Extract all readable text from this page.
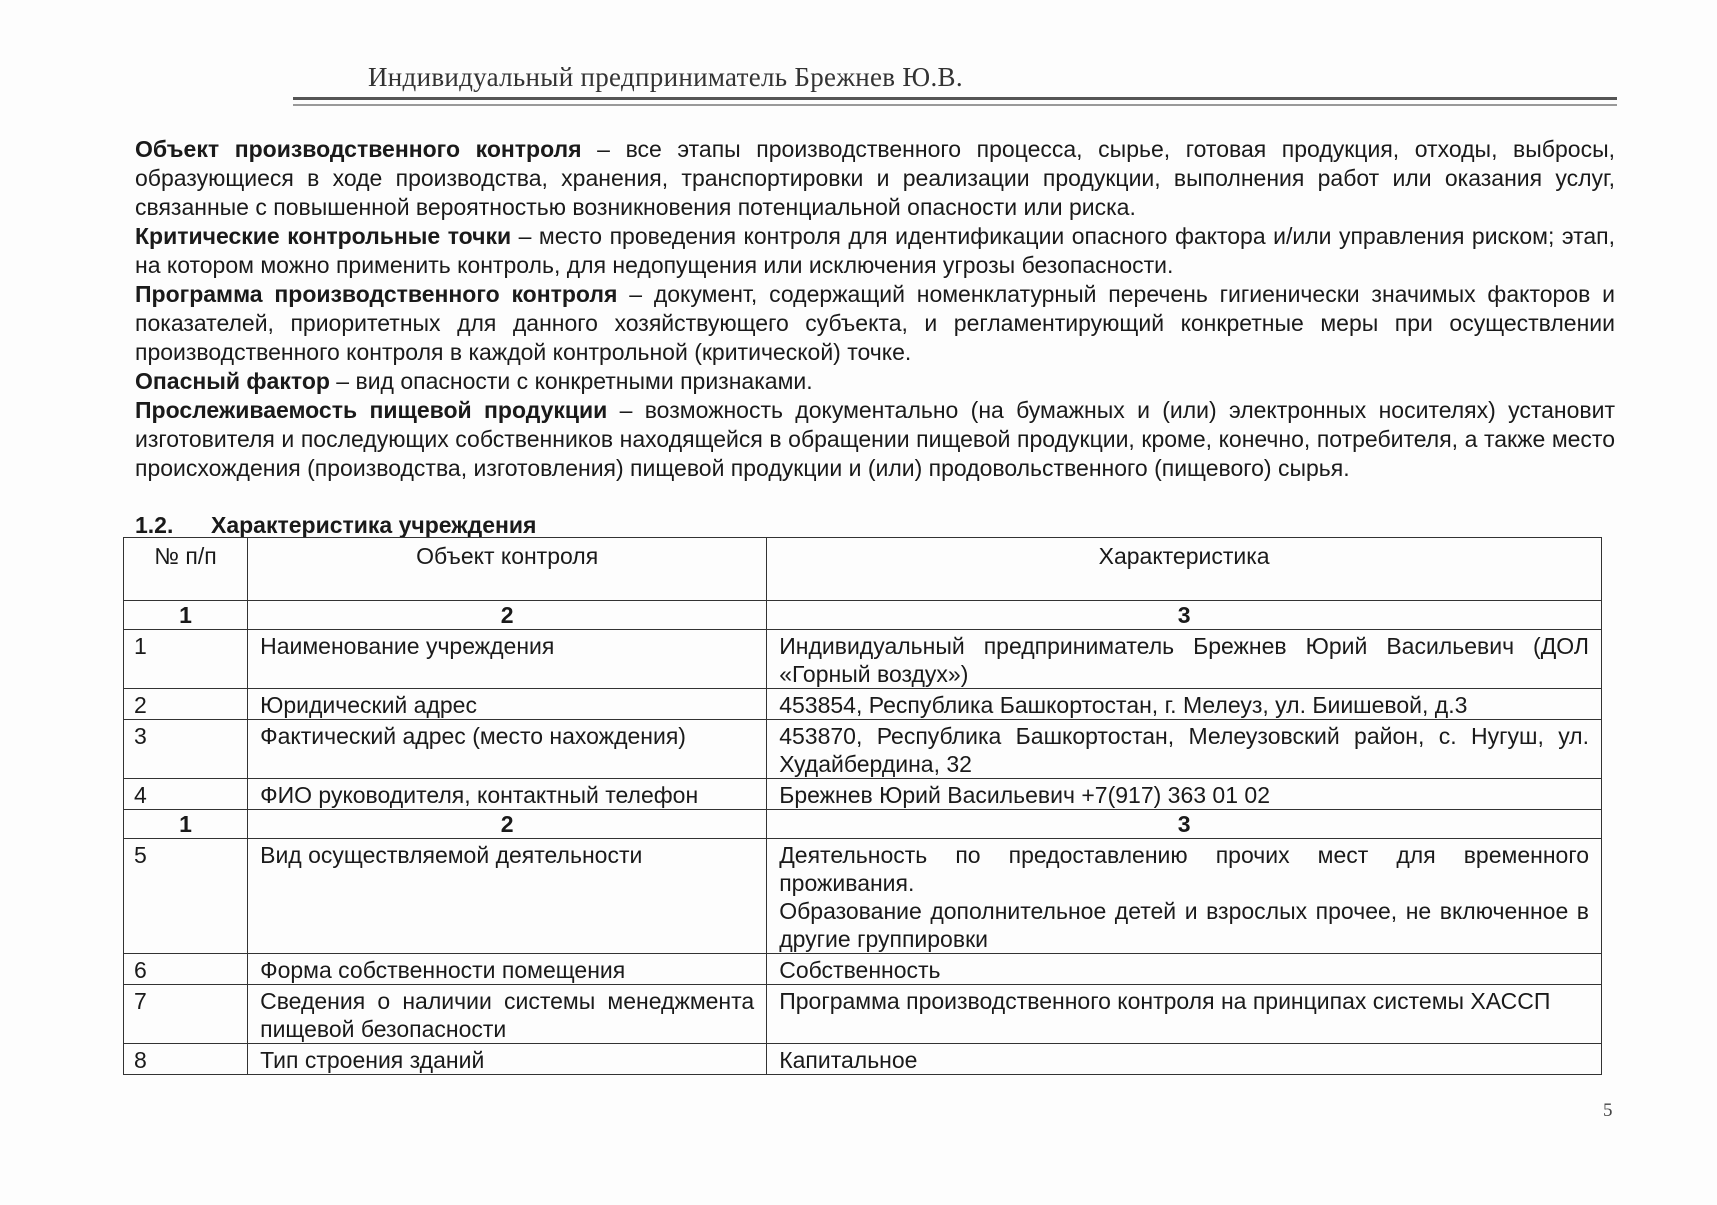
Индивидуальный предприниматель Брежнев Ю.В.

Объект производственного контроля – все этапы производственного процесса, сырье, готовая продукция, отходы, выбросы, образующиеся в ходе производства, хранения, транспортировки и реализации продукции, выполнения работ или оказания услуг, связанные с повышенной вероятностью возникновения потенциальной опасности или риска.

Критические контрольные точки – место проведения контроля для идентификации опасного фактора и/или управления риском; этап, на котором можно применить контроль, для недопущения или исключения угрозы безопасности.

Программа производственного контроля – документ, содержащий номенклатурный перечень гигиенически значимых факторов и показателей, приоритетных для данного хозяйствующего субъекта, и регламентирующий конкретные меры при осуществлении производственного контроля в каждой контрольной (критической) точке.

Опасный фактор – вид опасности с конкретными признаками.

Прослеживаемость пищевой продукции – возможность документально (на бумажных и (или) электронных носителях) установит изготовителя и последующих собственников находящейся в обращении пищевой продукции, кроме, конечно, потребителя, а также место происхождения (производства, изготовления) пищевой продукции и (или) продовольственного (пищевого) сырья.

1.2. Характеристика учреждения
№ п/п	Объект контроля	Характеристика
1	2	3
1	Наименование учреждения	Индивидуальный предприниматель Брежнев Юрий Васильевич (ДОЛ «Горный воздух»)
2	Юридический адрес	453854, Республика Башкортостан, г. Мелеуз, ул. Биишевой, д.3
3	Фактический адрес (место нахождения)	453870, Республика Башкортостан, Мелеузовский район, с. Нугуш, ул. Худайбердина, 32
4	ФИО руководителя, контактный телефон	Брежнев Юрий Васильевич +7(917) 363 01 02
1	2	3
5	Вид осуществляемой деятельности	Деятельность по предоставлению прочих мест для временного проживания.
Образование дополнительное детей и взрослых прочее, не включенное в другие группировки

6	Форма собственности помещения	Собственность
7	Сведения о наличии системы менеджмента пищевой безопасности	Программа производственного контроля на принципах системы ХАССП
8	Тип строения зданий	Капитальное
5
